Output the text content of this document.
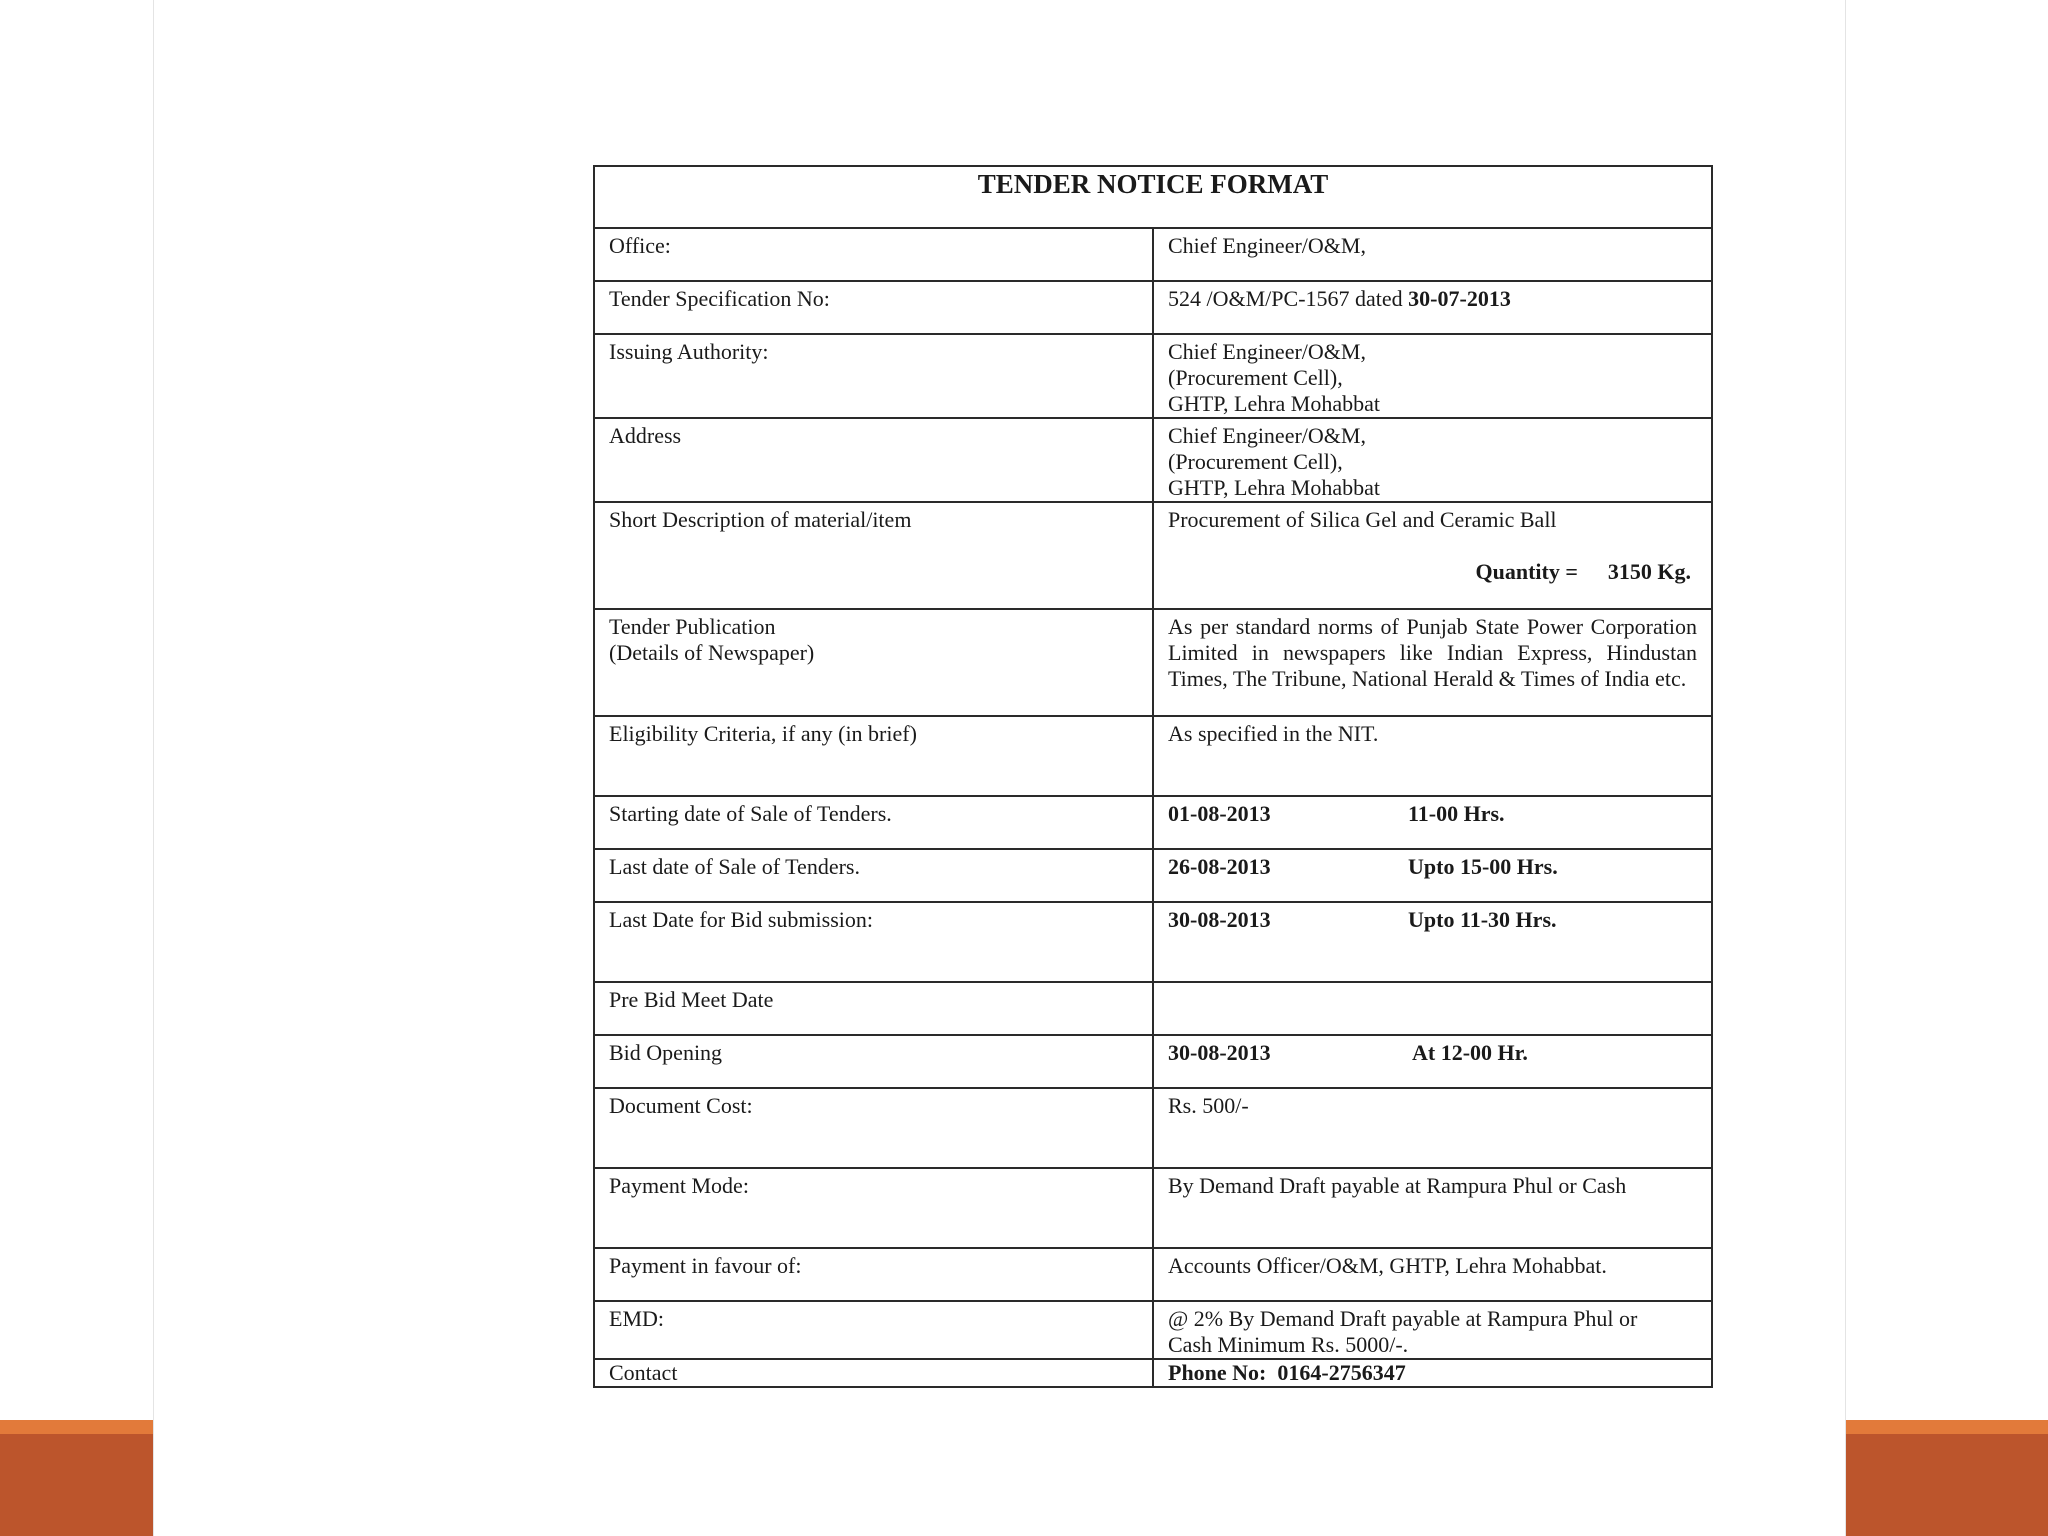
TENDER NOTICE FORMAT	
Office:	Chief Engineer/O&M,
Tender Specification No:	524 /O&M/PC-1567 dated 30-07-2013
Issuing Authority:	Chief Engineer/O&M,
(Procurement Cell),
GHTP, Lehra Mohabbat

Address	Chief Engineer/O&M,
(Procurement Cell),
GHTP, Lehra Mohabbat

Short Description of material/item	Procurement of Silica Gel and Ceramic Ball
Quantity = 3150 Kg.

Tender Publication
(Details of Newspaper)	As per standard norms of Punjab State Power Corporation Limited in newspapers like Indian Express, Hindustan Times, The Tribune, National Herald & Times of India etc.

Eligibility Criteria, if any (in brief)	As specified in the NIT.
Starting date of Sale of Tenders.	01-08-2013 11-00 Hrs.

Last date of Sale of Tenders.	26-08-2013 Upto 15-00 Hrs.

Last Date for Bid submission:	30-08-2013 Upto 11-30 Hrs.

Pre Bid Meet Date	
Bid Opening	30-08-2013 At 12-00 Hr.

Document Cost:	Rs. 500/-
Payment Mode:	By Demand Draft payable at Rampura Phul or Cash
Payment in favour of:	Accounts Officer/O&M, GHTP, Lehra Mohabbat.
EMD:	@ 2% By Demand Draft payable at Rampura Phul or
Cash Minimum Rs. 5000/-.

Contact	Phone No:  0164-2756347
